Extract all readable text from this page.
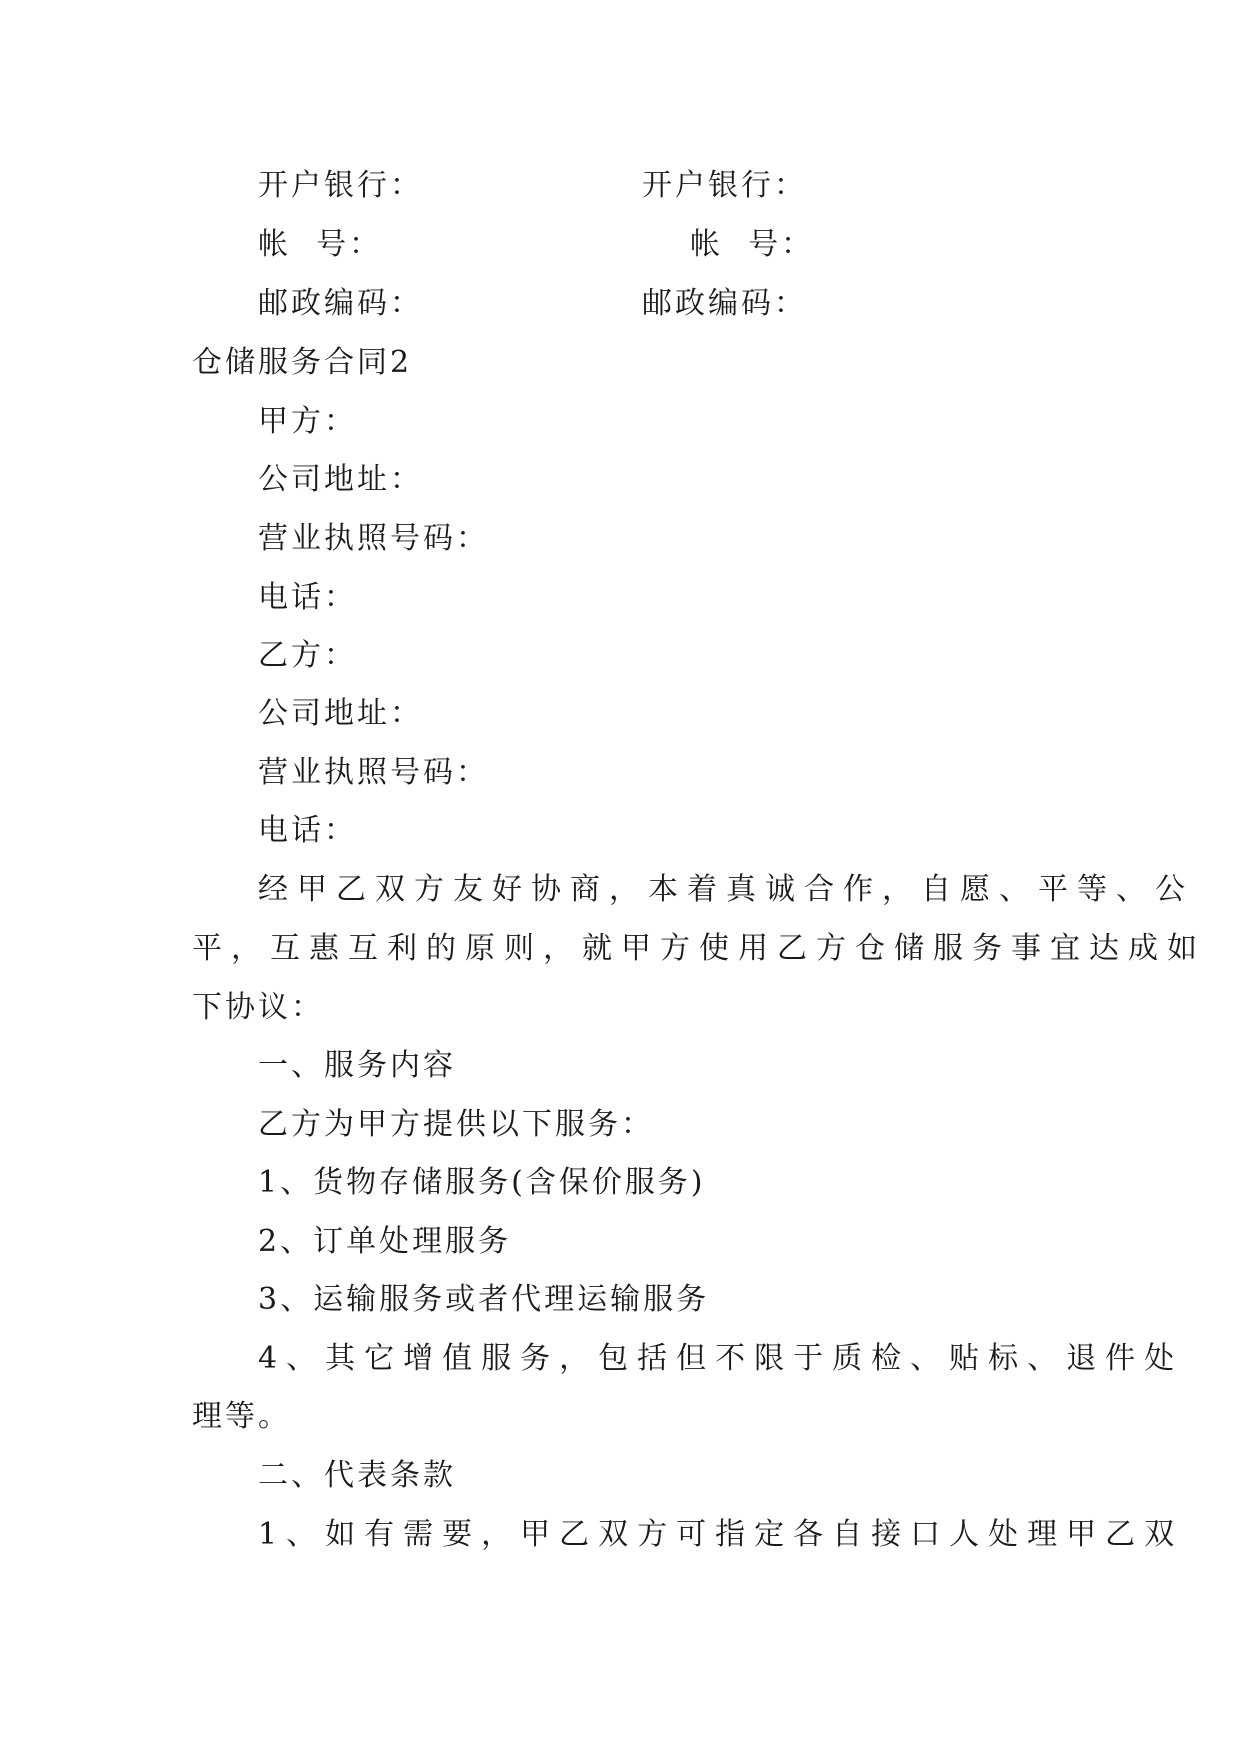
开户银行：	开户银行：
帐  号：	帐  号：
邮政编码：	邮政编码：
仓储服务合同2
甲方：
公司地址：
营业执照号码：
电话：
乙方：
公司地址：
营业执照号码：
电话：
经甲乙双方友好协商，本着真诚合作，自愿、平等、公
平，互惠互利的原则，就甲方使用乙方仓储服务事宜达成如
下协议：
一、服务内容
乙方为甲方提供以下服务：
1、货物存储服务(含保价服务)
2、订单处理服务
3、运输服务或者代理运输服务
4、其它增值服务，包括但不限于质检、贴标、退件处
理等。
二、代表条款
1、如有需要，甲乙双方可指定各自接口人处理甲乙双
